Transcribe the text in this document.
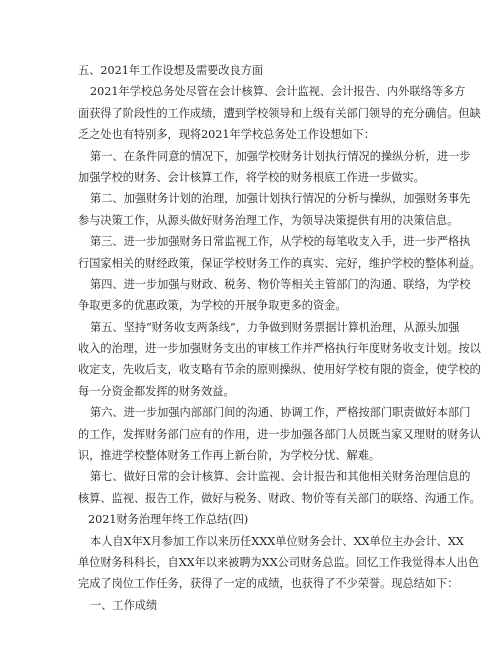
五、2021年工作设想及需要改良方面
2021年学校总务处尽管在会计核算、会计监视、会计报告、内外联络等多方
面获得了阶段性的工作成绩，遭到学校领导和上级有关部门领导的充分确信。但缺
乏之处也有特别多，现将2021年学校总务处工作设想如下：
第一、在条件同意的情况下，加强学校财务计划执行情况的操纵分析，进一步
加强学校的财务、会计核算工作，将学校的财务根底工作进一步做实。
第二、加强财务计划的治理，加强计划执行情况的分析与操纵，加强财务事先
参与决策工作，从源头做好财务治理工作，为领导决策提供有用的决策信息。
第三、进一步加强财务日常监视工作，从学校的每笔收支入手，进一步严格执
行国家相关的财经政策，保证学校财务工作的真实、完好，维护学校的整体利益。
第四、进一步加强与财政、税务、物价等相关主管部门的沟通、联络，为学校
争取更多的优惠政策，为学校的开展争取更多的资金。
第五、坚持“财务收支两条线”，力争做到财务票据计算机治理，从源头加强
收入的治理，进一步加强财务支出的审核工作并严格执行年度财务收支计划。按以
收定支，先收后支，收支略有节余的原则操纵、使用好学校有限的资金，使学校的
每一分资金都发挥的财务效益。
第六、进一步加强内部部门间的沟通、协调工作，严格按部门职责做好本部门
的工作，发挥财务部门应有的作用，进一步加强各部门人员既当家又理财的财务认
识，推进学校整体财务工作再上新台阶，为学校分忧、解难。
第七、做好日常的会计核算、会计监视、会计报告和其他相关财务治理信息的
核算、监视、报告工作，做好与税务、财政、物价等有关部门的联络、沟通工作。
2021财务治理年终工作总结(四)
本人自X年X月参加工作以来历任XXX单位财务会计、XX单位主办会计、XX
单位财务科科长，自XX年以来被聘为XX公司财务总监。回忆工作我觉得本人出色
完成了岗位工作任务，获得了一定的成绩，也获得了不少荣誉。现总结如下：
一、工作成绩
